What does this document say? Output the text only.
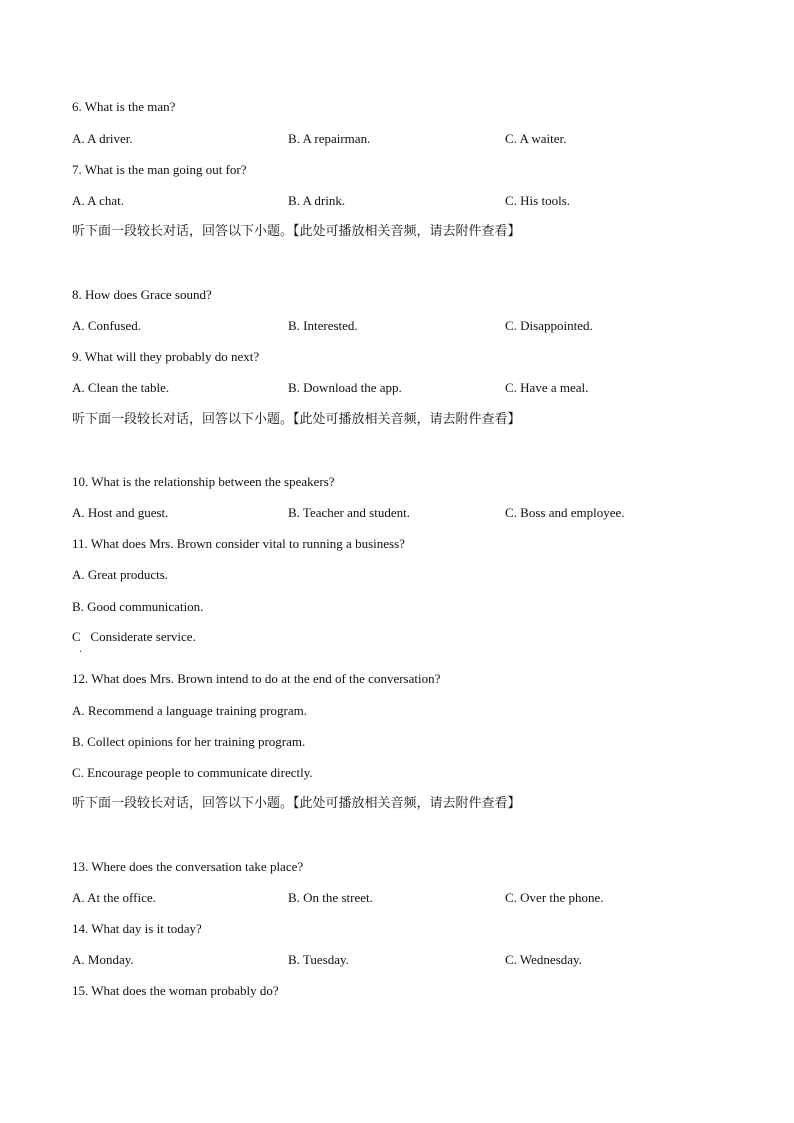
6. What is the man?
A. A driver.	B. A repairman.	C. A waiter.
7. What is the man going out for?
A. A chat.	B. A drink.	C. His tools.
听下面一段较长对话，回答以下小题。【此处可播放相关音频，请去附件查看】
8. How does Grace sound?
A. Confused.	B. Interested.	C. Disappointed.
9. What will they probably do next?
A. Clean the table.	B. Download the app.	C. Have a meal.
听下面一段较长对话，回答以下小题。【此处可播放相关音频，请去附件查看】
10. What is the relationship between the speakers?
A. Host and guest.	B. Teacher and student.	C. Boss and employee.
11. What does Mrs. Brown consider vital to running a business?
A. Great products.
B. Good communication.
C   Considerate service.
·
12. What does Mrs. Brown intend to do at the end of the conversation?
A. Recommend a language training program.
B. Collect opinions for her training program.
C. Encourage people to communicate directly.
听下面一段较长对话，回答以下小题。【此处可播放相关音频，请去附件查看】
13. Where does the conversation take place?
A. At the office.	B. On the street.	C. Over the phone.
14. What day is it today?
A. Monday.	B. Tuesday.	C. Wednesday.
15. What does the woman probably do?
